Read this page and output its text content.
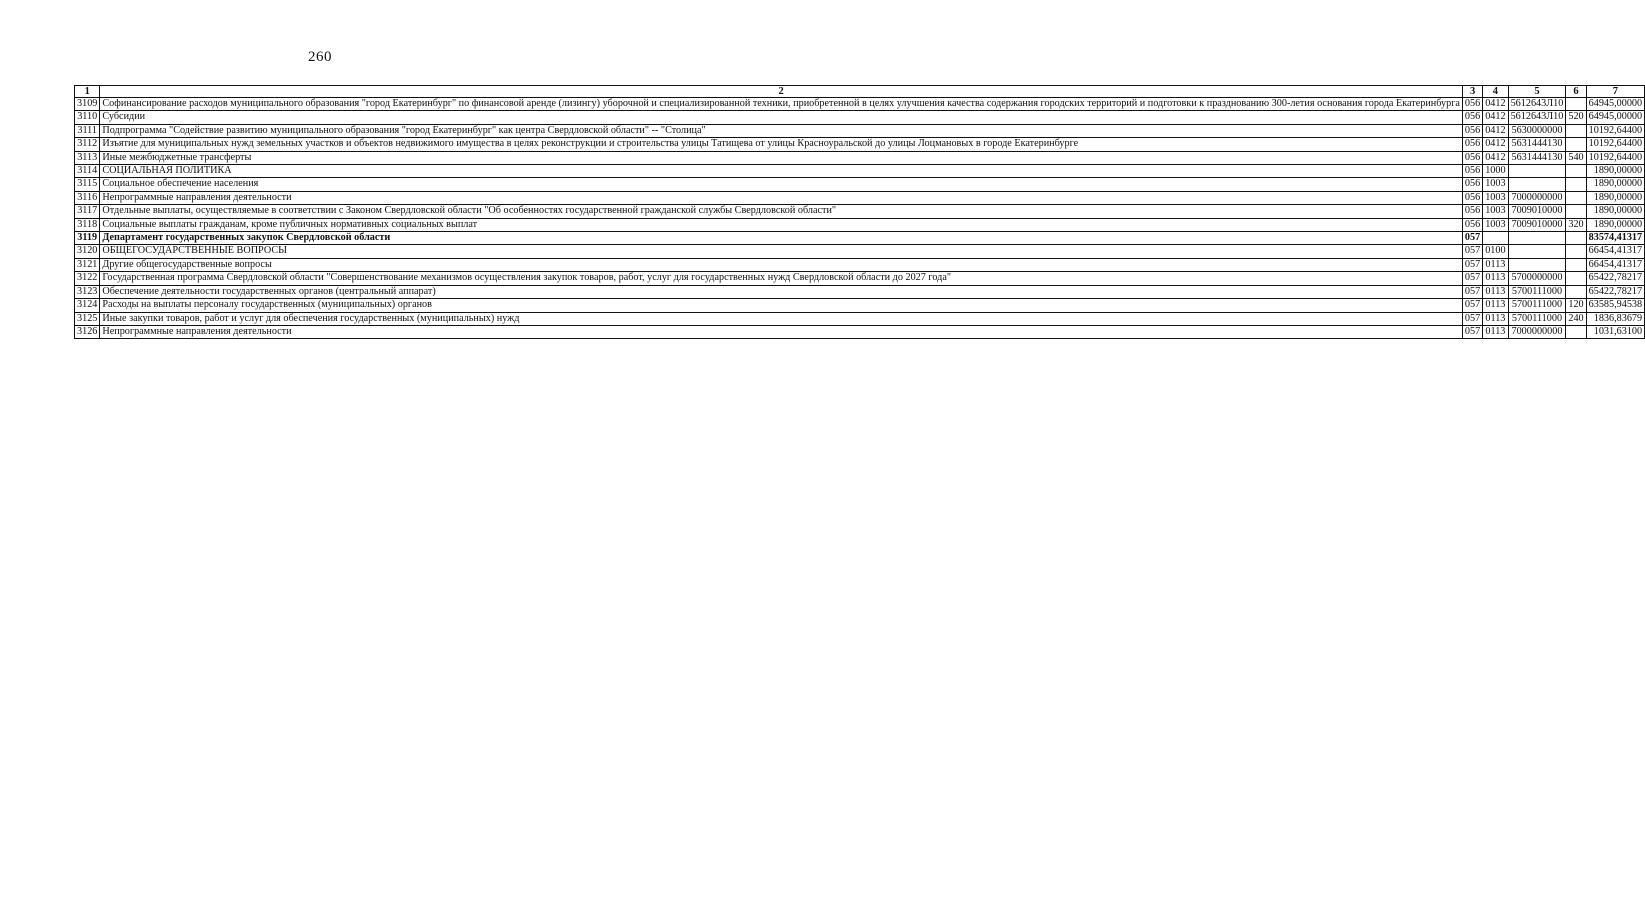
260
1	2	3	4	5	6	7
3109	Софинансирование расходов муниципального образования "город Екатеринбург" по финансовой аренде (лизингу) уборочной и специализированной техники, приобретенной в целях улучшения качества содержания городских территорий и подготовки к празднованию 300-летия основания города Екатеринбурга	056	0412	5612643Л10		64945,00000
3110	Субсидии	056	0412	5612643Л10	520	64945,00000
3111	Подпрограмма "Содействие развитию муниципального образования "город Екатеринбург" как центра Свердловской области" -- "Столица"	056	0412	5630000000		10192,64400
3112	Изъятие для муниципальных нужд земельных участков и объектов недвижимого имущества в целях реконструкции и строительства улицы Татищева от улицы Красноуральской до улицы Лоцмановых в городе Екатеринбурге	056	0412	5631444130		10192,64400
3113	Иные межбюджетные трансферты	056	0412	5631444130	540	10192,64400
3114	СОЦИАЛЬНАЯ ПОЛИТИКА	056	1000			1890,00000
3115	Социальное обеспечение населения	056	1003			1890,00000
3116	Непрограммные направления деятельности	056	1003	7000000000		1890,00000
3117	Отдельные выплаты, осуществляемые в соответствии с Законом Свердловской области "Об особенностях государственной гражданской службы Свердловской области"	056	1003	7009010000		1890,00000
3118	Социальные выплаты гражданам, кроме публичных нормативных социальных выплат	056	1003	7009010000	320	1890,00000
3119	Департамент государственных закупок Свердловской области	057				83574,41317
3120	ОБЩЕГОСУДАРСТВЕННЫЕ ВОПРОСЫ	057	0100			66454,41317
3121	Другие общегосударственные вопросы	057	0113			66454,41317
3122	Государственная программа Свердловской области "Совершенствование механизмов осуществления закупок товаров, работ, услуг для государственных нужд Свердловской области до 2027 года"	057	0113	5700000000		65422,78217
3123	Обеспечение деятельности государственных органов (центральный аппарат)	057	0113	5700111000		65422,78217
3124	Расходы на выплаты персоналу государственных (муниципальных) органов	057	0113	5700111000	120	63585,94538
3125	Иные закупки товаров, работ и услуг для обеспечения государственных (муниципальных) нужд	057	0113	5700111000	240	1836,83679
3126	Непрограммные направления деятельности	057	0113	7000000000		1031,63100
